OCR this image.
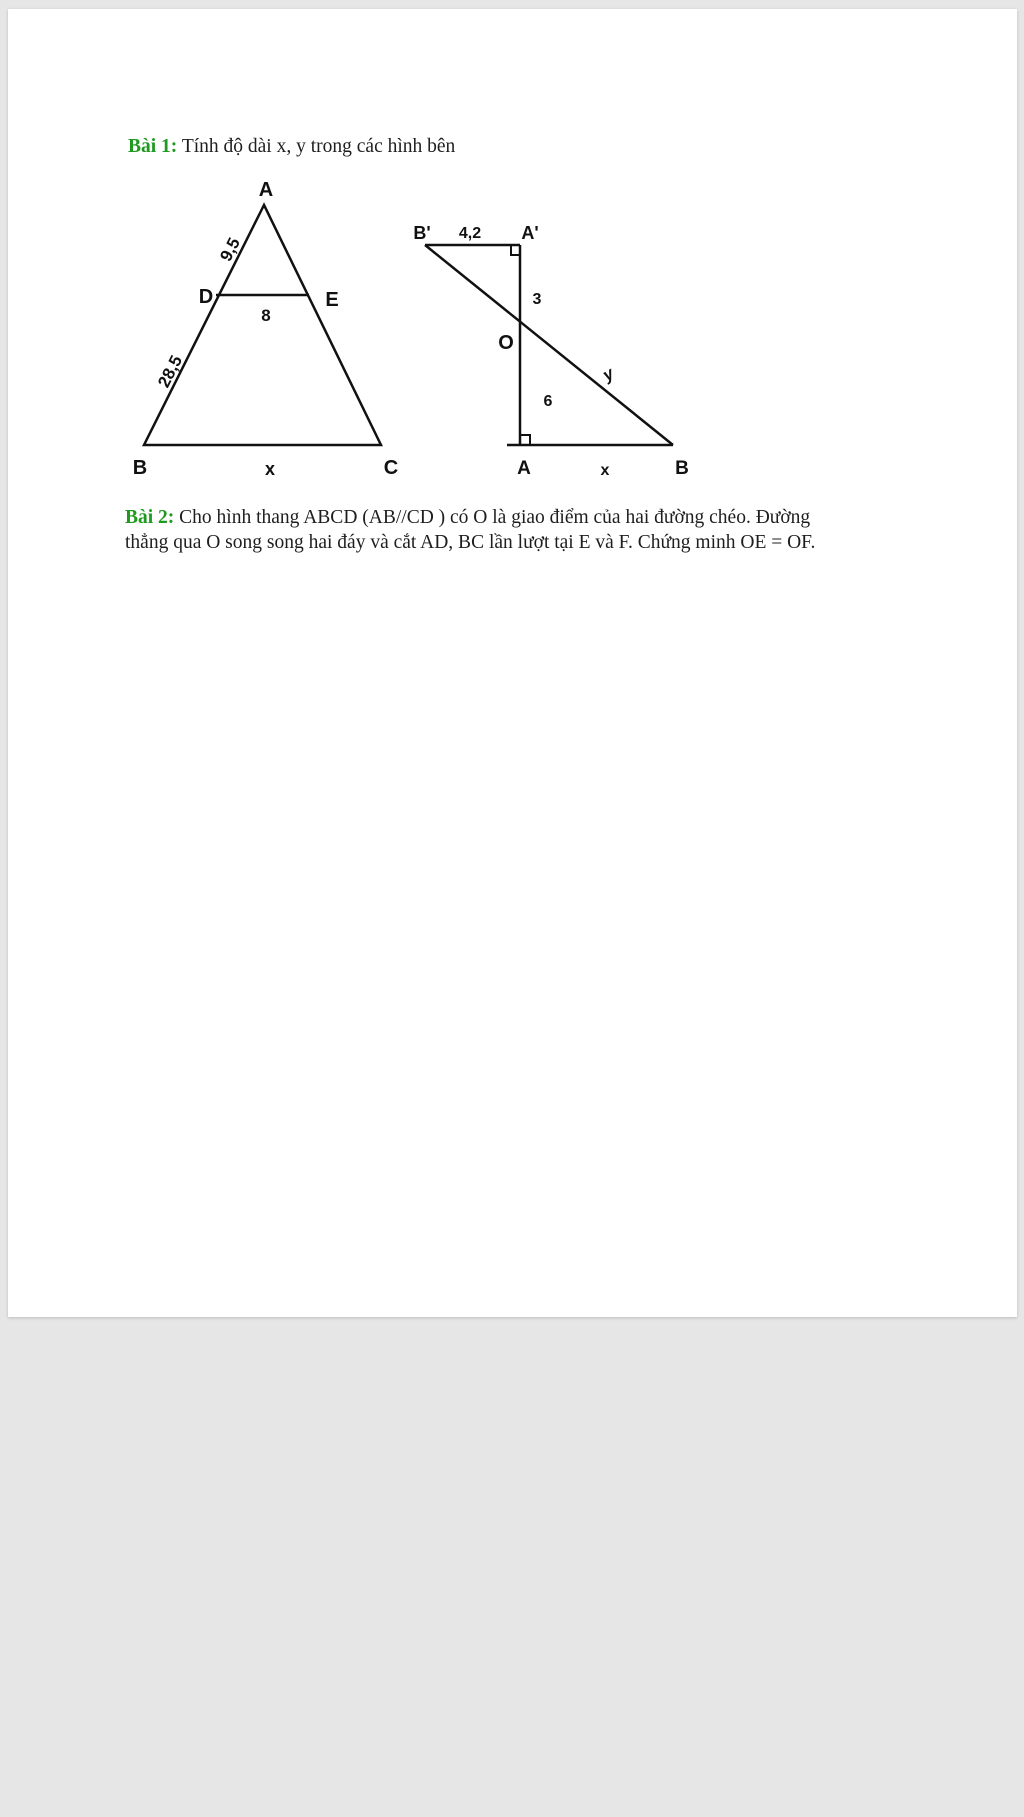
Bài 1: Tính độ dài x, y trong các hình bên
A
D	E
B	C
9,5
8
28,5
x
B' 4,2 A'
3
O
6
y
A	x	B
Bài 2: Cho hình thang ABCD (AB//CD ) có O là giao điểm của hai đường chéo. Đường
thẳng qua O song song hai đáy và cắt AD, BC lần lượt tại E và F. Chứng minh OE = OF.
